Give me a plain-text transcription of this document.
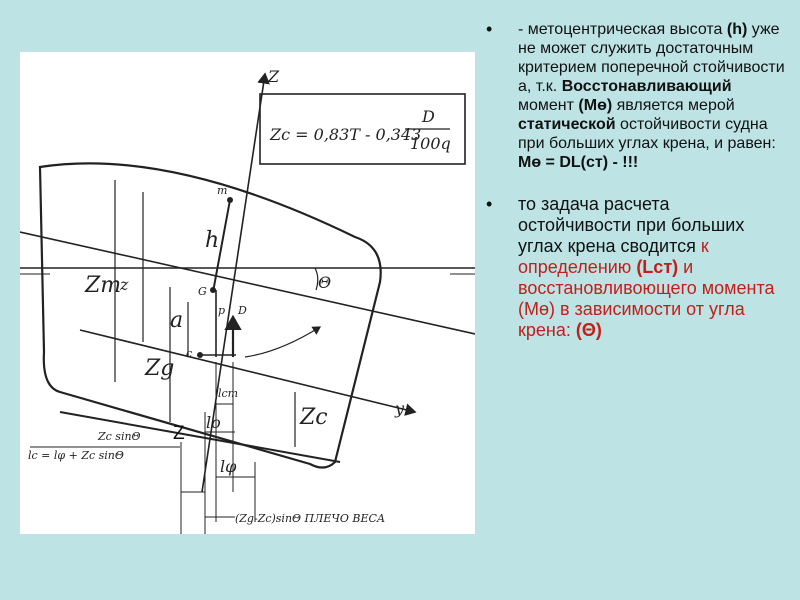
Zc = 0,83T - 0,343
D
100q
Z
y
m
h
G
p
c
D
a
Θ
Zm
z
Zg
Zc
lст
lo
lφ
Zc sinΘ
lc = lφ + Zc sinΘ
(Zg-Zc)sinΘ ПЛЕЧО ВЕСА
Z
• - метоцентрическая высота (h) уже не может служить достаточным критерием поперечной стойчивости а, т.к. Восстонавливающий момент (Мө) является мерой статической остойчивости судна при больших углах крена, и равен: Мө = DL(ст) - !!!
• то задача расчета остойчивости при больших углах крена сводится к определению (Lст) и восстановливоющего момента (Мө) в зависимости от угла крена: (Θ)
